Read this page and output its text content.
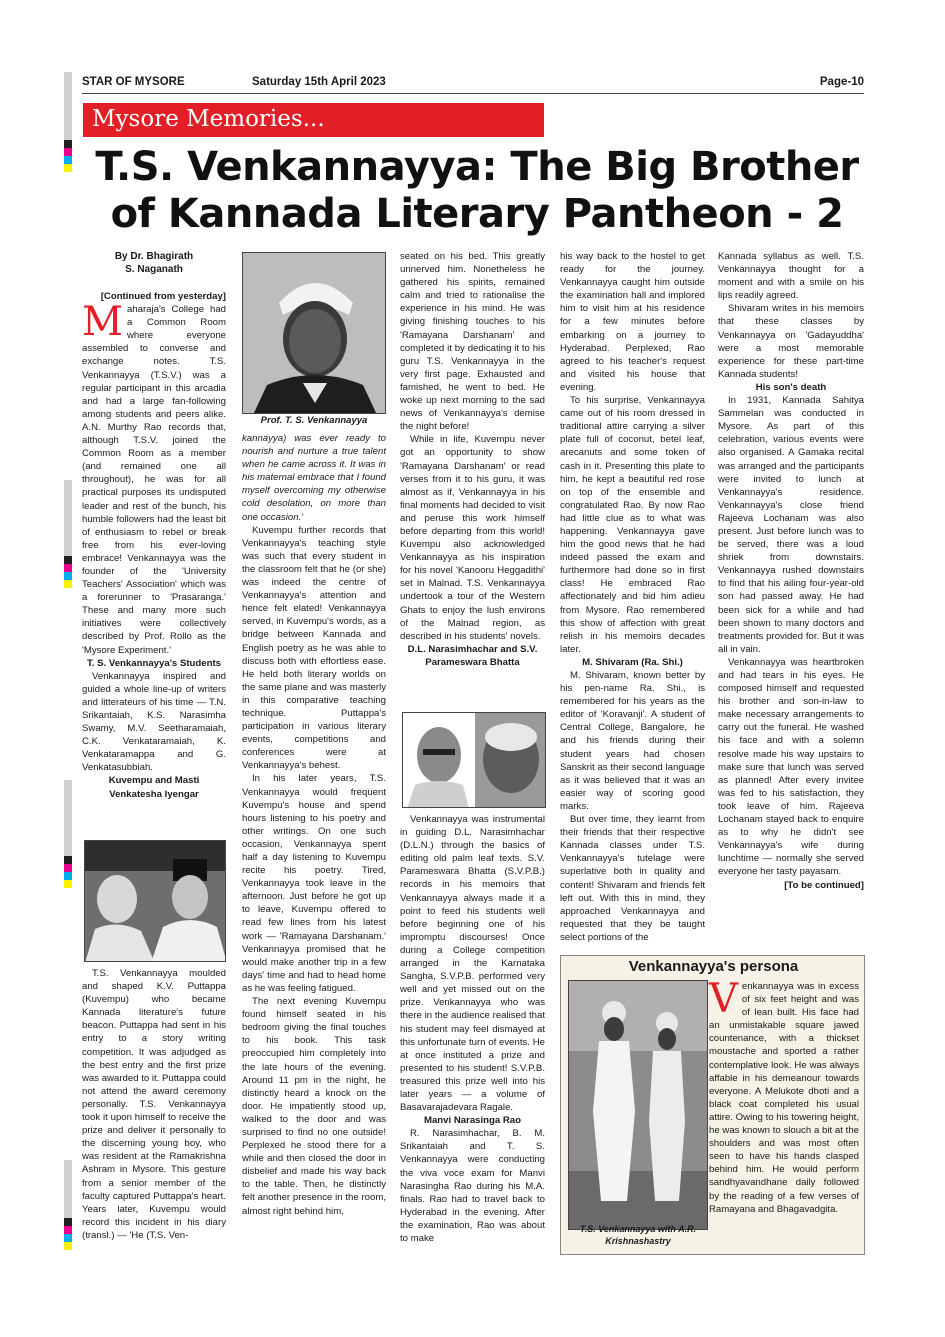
STAR OF MYSORE	Saturday 15th April 2023	Page-10
Mysore Memories...
T.S. Venkannayya: The Big Brother
of Kannada Literary Pantheon - 2
By Dr. Bhagirath
S. Naganath

[Continued from yesterday]

Maharaja's College had a Common Room where everyone assembled to converse and exchange notes. T.S. Venkannayya (T.S.V.) was a regular participant in this arcadia and had a large fan-following among students and peers alike. A.N. Murthy Rao records that, although T.S.V. joined the Common Room as a member (and remained one all throughout), he was for all practical purposes its undisputed leader and rest of the bunch, his humble followers had the least bit of enthusiasm to rebel or break free from his ever-loving embrace! Venkannayya was the founder of the 'University Teachers' Association' which was a forerunner to 'Prasaranga.' These and many more such initiatives were collectively described by Prof. Rollo as the 'Mysore Experiment.'

T. S. Venkannayya's Students

Venkannayya inspired and guided a whole line-up of writers and litterateurs of his time — T.N. Srikantaiah, K.S. Narasimha Swamy, M.V. Seetharamaiah, C.K. Venkataramaiah, K. Venkataramappa and G. Venkatasubbiah.

Kuvempu and Masti Venkatesha Iyengar

T.S. Venkannayya moulded and shaped K.V. Puttappa (Kuvempu) who became Kannada literature's future beacon. Puttappa had sent in his entry to a story writing competition. It was adjudged as the best entry and the first prize was awarded to it. Puttappa could not attend the award ceremony personally. T.S. Venkannayya took it upon himself to receive the prize and deliver it personally to the discerning young boy, who was resident at the Ramakrishna Ashram in Mysore. This gesture from a senior member of the faculty captured Puttappa's heart. Years later, Kuvempu would record this incident in his diary (transl.) — 'He (T.S. Ven-

Prof. T. S. Venkannayya

kannayya) was ever ready to nourish and nurture a true talent when he came across it. It was in his maternal embrace that I found myself overcoming my otherwise cold desolation, on more than one occasion.'

Kuvempu further records that Venkannayya's teaching style was such that every student in the classroom felt that he (or she) was indeed the centre of Venkannayya's attention and hence felt elated! Venkannayya served, in Kuvempu's words, as a bridge between Kannada and English poetry as he was able to discuss both with effortless ease. He held both literary worlds on the same plane and was masterly in this comparative teaching technique. Puttappa's participation in various literary events, competitions and conferences were at Venkannayya's behest.

In his later years, T.S. Venkannayya would frequent Kuvempu's house and spend hours listening to his poetry and other writings. On one such occasion, Venkannayya spent half a day listening to Kuvempu recite his poetry. Tired, Venkannayya took leave in the afternoon. Just before he got up to leave, Kuvempu offered to read few lines from his latest work — 'Ramayana Darshanam.' Venkannayya promised that he would make another trip in a few days' time and had to head home as he was feeling fatigued.

The next evening Kuvempu found himself seated in his bedroom giving the final touches to his book. This task preoccupied him completely into the late hours of the evening. Around 11 pm in the night, he distinctly heard a knock on the door. He impatiently stood up, walked to the door and was surprised to find no one outside! Perplexed he stood there for a while and then closed the door in disbelief and made his way back to the table. Then, he distinctly felt another presence in the room, almost right behind him,

seated on his bed. This greatly unnerved him. Nonetheless he gathered his spirits, remained calm and tried to rationalise the experience in his mind. He was giving finishing touches to his 'Ramayana Darshanam' and completed it by dedicating it to his guru T.S. Venkannayya in the very first page. Exhausted and famished, he went to bed. He woke up next morning to the sad news of Venkannayya's demise the night before!

While in life, Kuvempu never got an opportunity to show 'Ramayana Darshanam' or read verses from it to his guru, it was almost as if, Venkannayya in his final moments had decided to visit and peruse this work himself before departing from this world! Kuvempu also acknowledged Venkannayya as his inspiration for his novel 'Kanooru Heggadithi' set in Malnad. T.S. Venkannayya undertook a tour of the Western Ghats to enjoy the lush environs of the Malnad region, as described in his students' novels.

D.L. Narasimhachar and S.V. Parameswara Bhatta

Venkannayya was instrumental in guiding D.L. Narasimhachar (D.L.N.) through the basics of editing old palm leaf texts. S.V. Parameswara Bhatta (S.V.P.B.) records in his memoirs that Venkannayya always made it a point to feed his students well before beginning one of his impromptu discourses! Once during a College competition arranged in the Karnataka Sangha, S.V.P.B. performed very well and yet missed out on the prize. Venkannayya who was there in the audience realised that his student may feel dismayed at this unfortunate turn of events. He at once instituted a prize and presented to his student! S.V.P.B. treasured this prize well into his later years — a volume of Basavarajadevara Ragale.

Manvi Narasinga Rao

R. Narasimhachar, B. M. Srikantaiah and T. S. Venkannayya were conducting the viva voce exam for Manvi Narasingha Rao during his M.A. finals. Rao had to travel back to Hyderabad in the evening. After the examination, Rao was about to make

his way back to the hostel to get ready for the journey. Venkannayya caught him outside the examination hall and implored him to visit him at his residence for a few minutes before embarking on a journey to Hyderabad. Perplexed, Rao agreed to his teacher's request and visited his house that evening.

To his surprise, Venkannayya came out of his room dressed in traditional attire carrying a silver plate full of coconut, betel leaf, arecanuts and some token of cash in it. Presenting this plate to him, he kept a beautiful red rose on top of the ensemble and congratulated Rao. By now Rao had little clue as to what was happening. Venkannayya gave him the good news that he had indeed passed the exam and furthermore had done so in first class! He embraced Rao affectionately and bid him adieu from Mysore. Rao remembered this show of affection with great relish in his memoirs decades later.

M. Shivaram (Ra. Shi.)

M. Shivaram, known better by his pen-name Ra. Shi., is remembered for his years as the editor of 'Koravanji'. A student of Central College, Bangalore, he and his friends during their student years had chosen Sanskrit as their second language as it was believed that it was an easier way of scoring good marks.

But over time, they learnt from their friends that their respective Kannada classes under T.S. Venkannayya's tutelage were superlative both in quality and content! Shivaram and friends felt left out. With this in mind, they approached Venkannayya and requested that they be taught select portions of the

Kannada syllabus as well. T.S. Venkannayya thought for a moment and with a smile on his lips readily agreed.

Shivaram writes in his memoirs that these classes by Venkannayya on 'Gadayuddha' were a most memorable experience for these part-time Kannada students!

His son's death

In 1931, Kannada Sahitya Sammelan was conducted in Mysore. As part of this celebration, various events were also organised. A Gamaka recital was arranged and the participants were invited to lunch at Venkannayya's residence. Venkannayya's close friend Rajeeva Lochanam was also present. Just before lunch was to be served, there was a loud shriek from downstairs. Venkannayya rushed downstairs to find that his ailing four-year-old son had passed away. He had been sick for a while and had been shown to many doctors and treatments provided for. But it was all in vain.

Venkannayya was heartbroken and had tears in his eyes. He composed himself and requested his brother and son-in-law to make necessary arrangements to carry out the funeral. He washed his face and with a solemn resolve made his way upstairs to make sure that lunch was served as planned! After every invitee was fed to his satisfaction, they took leave of him. Rajeeva Lochanam stayed back to enquire as to why he didn't see Venkannayya's wife during lunchtime — normally she served everyone her tasty payasam.

[To be continued]

Venkannayya's persona
T.S. Venkannayya with A.R. Krishnashastry

Venkannayya was in excess of six feet height and was of lean built. His face had an unmistakable square jawed countenance, with a thickset moustache and sported a rather contemplative look. He was always affable in his demeanour towards everyone. A Melukote dhoti and a black coat completed his usual attire. Owing to his towering height, he was known to slouch a bit at the shoulders and was most often seen to have his hands clasped behind him. He would perform sandhyavandhane daily followed by the reading of a few verses of Ramayana and Bhagavadgita.
